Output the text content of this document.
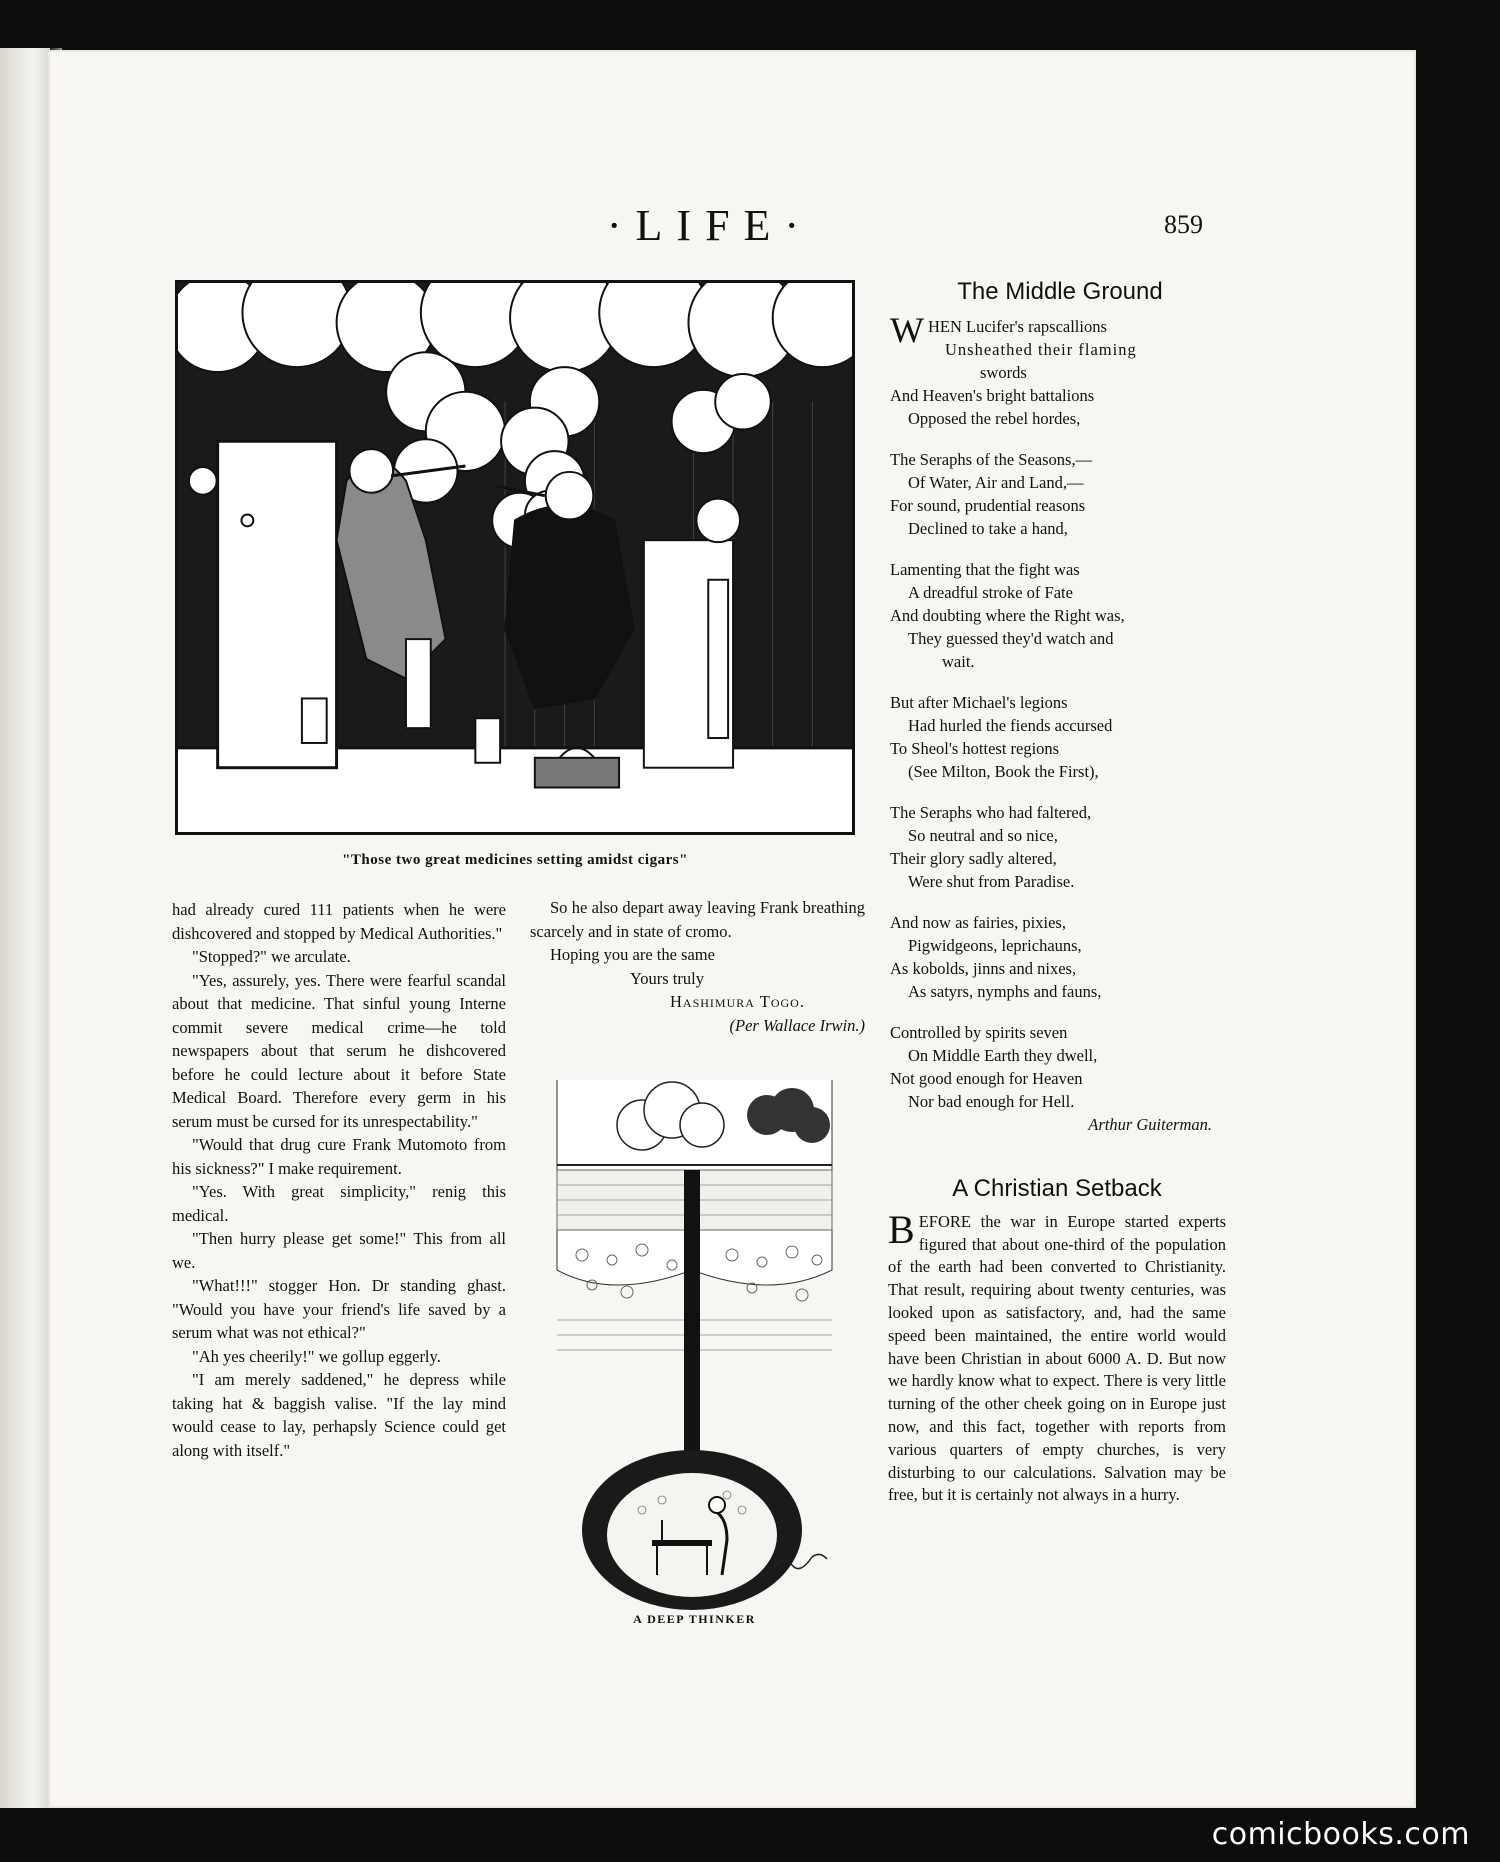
·LIFE·	859
"Those two great medicines setting amidst cigars"

had already cured 111 patients when he were dishcovered and stopped by Medical Authorities."

"Stopped?" we arculate.

"Yes, assurely, yes. There were fearful scandal about that medicine. That sinful young Interne commit severe medical crime—he told newspapers about that serum he dishcovered before he could lecture about it before State Medical Board. Therefore every germ in his serum must be cursed for its unrespectability."

"Would that drug cure Frank Mutomoto from his sickness?" I make requirement.

"Yes. With great simplicity," renig this medical.

"Then hurry please get some!" This from all we.

"What!!!" stogger Hon. Dr standing ghast. "Would you have your friend's life saved by a serum what was not ethical?"

"Ah yes cheerily!" we gollup eggerly.

"I am merely saddened," he depress while taking hat & baggish valise. "If the lay mind would cease to lay, perhapsly Science could get along with itself."

So he also depart away leaving Frank breathing scarcely and in state of cromo.

Hoping you are the same
Yours truly
Hashimura Togo.
(Per Wallace Irwin.)
A DEEP THINKER
The Middle Ground
WHEN Lucifer's rapscallions
Unsheathed their flaming
swords
And Heaven's bright battalions
Opposed the rebel hordes,
The Seraphs of the Seasons,—
Of Water, Air and Land,—
For sound, prudential reasons
Declined to take a hand,
Lamenting that the fight was
A dreadful stroke of Fate
And doubting where the Right was,
They guessed they'd watch and
wait.
But after Michael's legions
Had hurled the fiends accursed
To Sheol's hottest regions
(See Milton, Book the First),
The Seraphs who had faltered,
So neutral and so nice,
Their glory sadly altered,
Were shut from Paradise.
And now as fairies, pixies,
Pigwidgeons, leprichauns,
As kobolds, jinns and nixes,
As satyrs, nymphs and fauns,
Controlled by spirits seven
On Middle Earth they dwell,
Not good enough for Heaven
Nor bad enough for Hell.
Arthur Guiterman.
A Christian Setback
BEFORE the war in Europe started experts figured that about one-third of the population of the earth had been converted to Christianity. That result, requiring about twenty centuries, was looked upon as satisfactory, and, had the same speed been maintained, the entire world would have been Christian in about 6000 A. D. But now we hardly know what to expect. There is very little turning of the other cheek going on in Europe just now, and this fact, together with reports from various quarters of empty churches, is very disturbing to our calculations. Salvation may be free, but it is certainly not always in a hurry.
comicbooks.com
